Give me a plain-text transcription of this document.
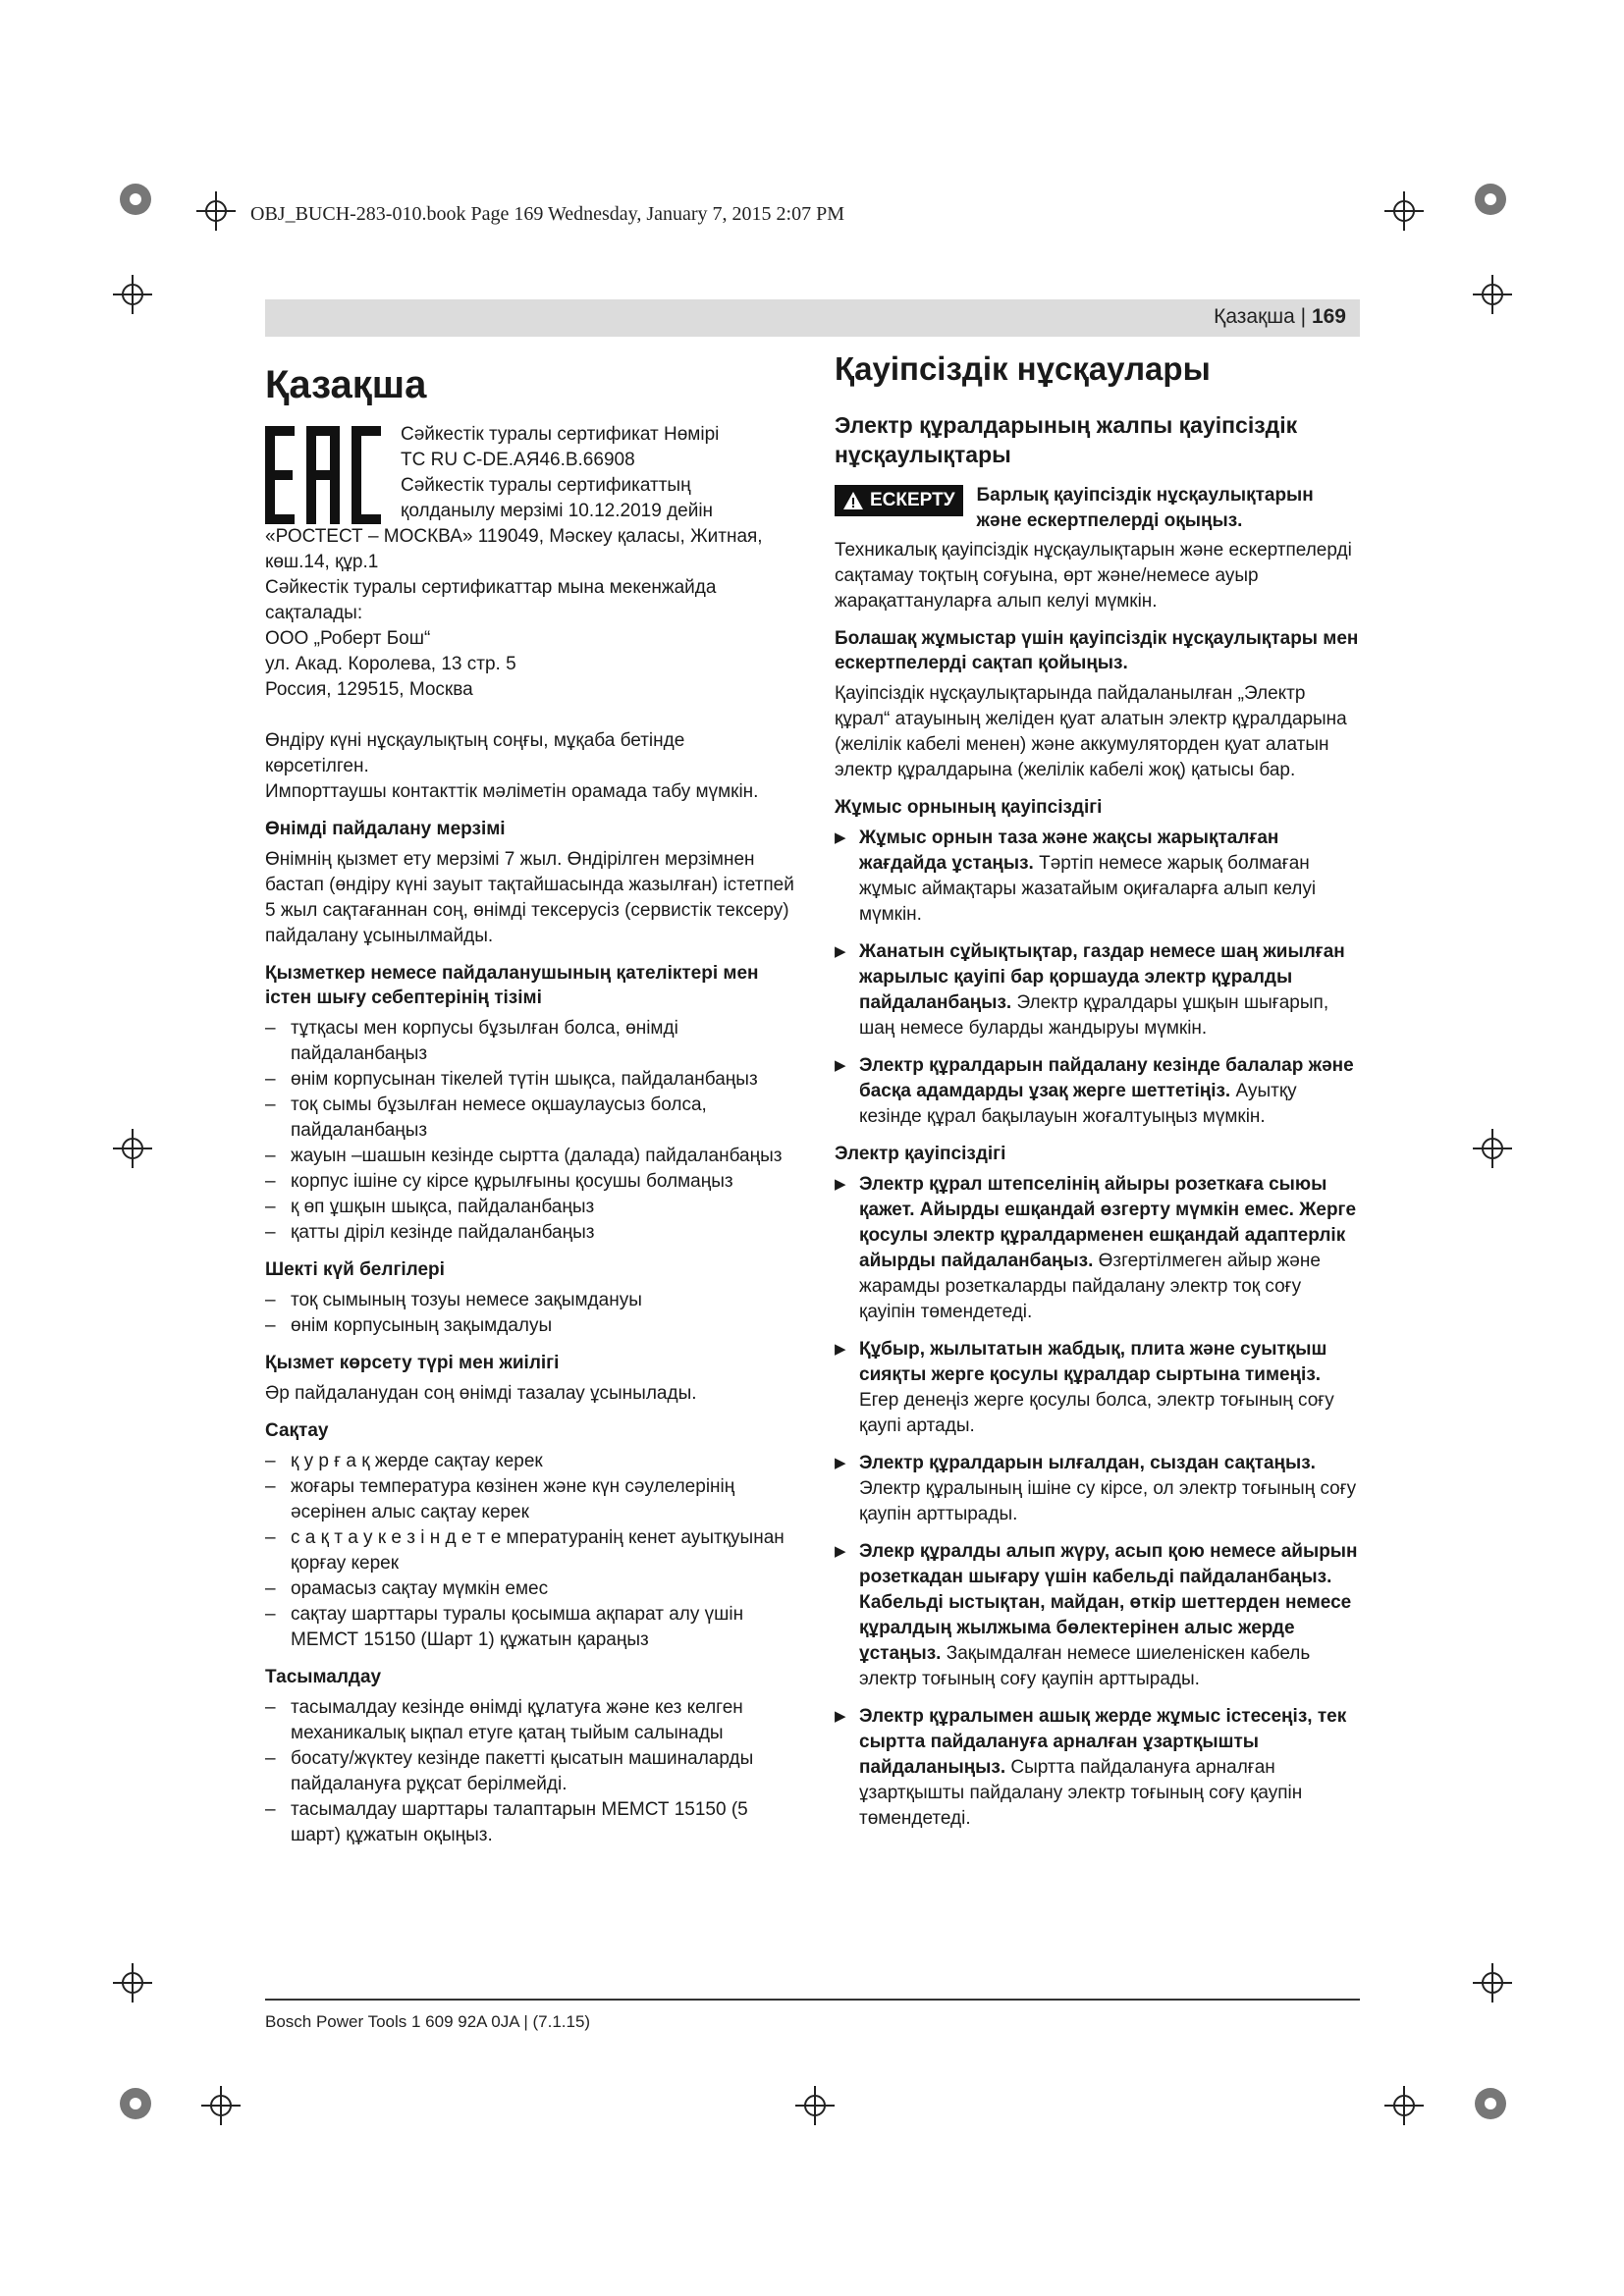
OBJ_BUCH-283-010.book Page 169 Wednesday, January 7, 2015 2:07 PM
Қазақша | 169
Қазақша

Сәйкестік туралы сертификат Нөмірі

TC RU C-DE.АЯ46.В.66908

Сәйкестік туралы сертификаттың

қолданылу мерзімі 10.12.2019 дейін

«РОСТЕСТ – МОСКВА» 119049, Мәскеу қаласы, Житная,

көш.14, құр.1

Сәйкестік туралы сертификаттар мына мекенжайда

сақталады:

ООО „Роберт Бош“

ул. Акад. Королева, 13 стр. 5

Россия, 129515, Москва

Өндіру күні нұсқаулықтың соңғы, мұқаба бетінде

көрсетілген.

Импорттаушы контакттік мәліметін орамада табу мүмкін.

Өнімді пайдалану мерзімі

Өнімнің қызмет ету мерзімі 7 жыл. Өндірілген мерзімнен бастап (өндіру күні зауыт тақтайшасында жазылған) істетпей 5 жыл сақтағаннан соң, өнімді тексерусіз (сервистік тексеру) пайдалану ұсынылмайды.

Қызметкер немесе пайдаланушының қателіктері мен істен шығу себептерінің тізімі
– тұтқасы мен корпусы бұзылған болса, өнімді пайдаланбаңыз
– өнім корпусынан тікелей түтін шықса, пайдаланбаңыз
– тоқ сымы бұзылған немесе оқшаулаусыз болса, пайдаланбаңыз
– жауын –шашын кезінде сыртта (далада) пайдаланбаңыз
– корпус ішіне су кірсе құрылғыны қосушы болмаңыз
– қ өп ұшқын шықса, пайдаланбаңыз
– қатты діріл кезінде пайдаланбаңыз
Шекті күй белгілері
– тоқ сымының тозуы немесе зақымдануы
– өнім корпусының зақымдалуы
Қызмет көрсету түрі мен жиілігі

Әр пайдаланудан соң өнімді тазалау ұсынылады.

Сақтау
– қ у р ғ а қ жерде сақтау керек
– жоғары температура көзінен және күн сәулелерінің әсерінен алыс сақтау керек
– с а қ т а у к е з і н д е т е мпературанің кенет ауытқуынан қорғау керек
– орамасыз сақтау мүмкін емес
– сақтау шарттары туралы қосымша ақпарат алу үшін МЕМСТ 15150 (Шарт 1) құжатын қараңыз
Тасымалдау
– тасымалдау кезінде өнімді құлатуға және кез келген механикалық ықпал етуге қатаң тыйым салынады
– босату/жүктеу кезінде пакетті қысатын машиналарды пайдалануға рұқсат берілмейді.
– тасымалдау шарттары талаптарын МЕМСТ 15150 (5 шарт) құжатын оқыңыз.
Қауіпсіздік нұсқаулары
Электр құралдарының жалпы қауіпсіздік нұсқаулықтары
ЕСКЕРТУ Барлық қауіпсіздік нұсқаулықтарын және ескертпелерді оқыңыз.

Техникалық қауіпсіздік нұсқаулықтарын және ескертпелерді сақтамау тоқтың соғуына, өрт және/немесе ауыр жарақаттануларға алып келуі мүмкін.

Болашақ жұмыстар үшін қауіпсіздік нұсқаулықтары мен ескертпелерді сақтап қойыңыз.

Қауіпсіздік нұсқаулықтарында пайдаланылған „Электр құрал“ атауының желіден қуат алатын электр құралдарына (желілік кабелі менен) және аккумуляторден қуат алатын электр құралдарына (желілік кабелі жоқ) қатысы бар.

Жұмыс орнының қауіпсіздігі
▶ Жұмыс орнын таза және жақсы жарықталған жағдайда ұстаңыз. Тәртіп немесе жарық болмаған жұмыс аймақтары жазатайым оқиғаларға алып келуі мүмкін.
▶ Жанатын сұйықтықтар, газдар немесе шаң жиылған жарылыс қауіпі бар қоршауда электр құралды пайдаланбаңыз. Электр құралдары ұшқын шығарып, шаң немесе буларды жандыруы мүмкін.
▶ Электр құралдарын пайдалану кезінде балалар және басқа адамдарды ұзақ жерге шеттетіңіз. Ауытқу кезінде құрал бақылауын жоғалтуыңыз мүмкін.
Электр қауіпсіздігі
▶ Электр құрал штепселінің айыры розеткаға сыюы қажет. Айырды ешқандай өзгерту мүмкін емес. Жерге қосулы электр құралдарменен ешқандай адаптерлік айырды пайдаланбаңыз. Өзгертілмеген айыр және жарамды розеткаларды пайдалану электр тоқ соғу қауіпін төмендетеді.
▶ Құбыр, жылытатын жабдық, плита және суытқыш сияқты жерге қосулы құралдар сыртына тимеңіз. Егер денеңіз жерге қосулы болса, электр тоғының соғу қаупі артады.
▶ Электр құралдарын ылғалдан, сыздан сақтаңыз. Электр құралының ішіне су кірсе, ол электр тоғының соғу қаупін арттырады.
▶ Элекр құралды алып жүру, асып қою немесе айырын розеткадан шығару үшін кабельді пайдаланбаңыз. Кабельді ыстықтан, майдан, өткір шеттерден немесе құралдың жылжыма бөлектерінен алыс жерде ұстаңыз. Зақымдалған немесе шиеленіскен кабель электр тоғының соғу қаупін арттырады.
▶ Электр құралымен ашық жерде жұмыс істесеңіз, тек сыртта пайдалануға арналған ұзартқышты пайдаланыңыз. Сыртта пайдалануға арналған ұзартқышты пайдалану электр тоғының соғу қаупін төмендетеді.
Bosch Power Tools 1 609 92A 0JA | (7.1.15)
